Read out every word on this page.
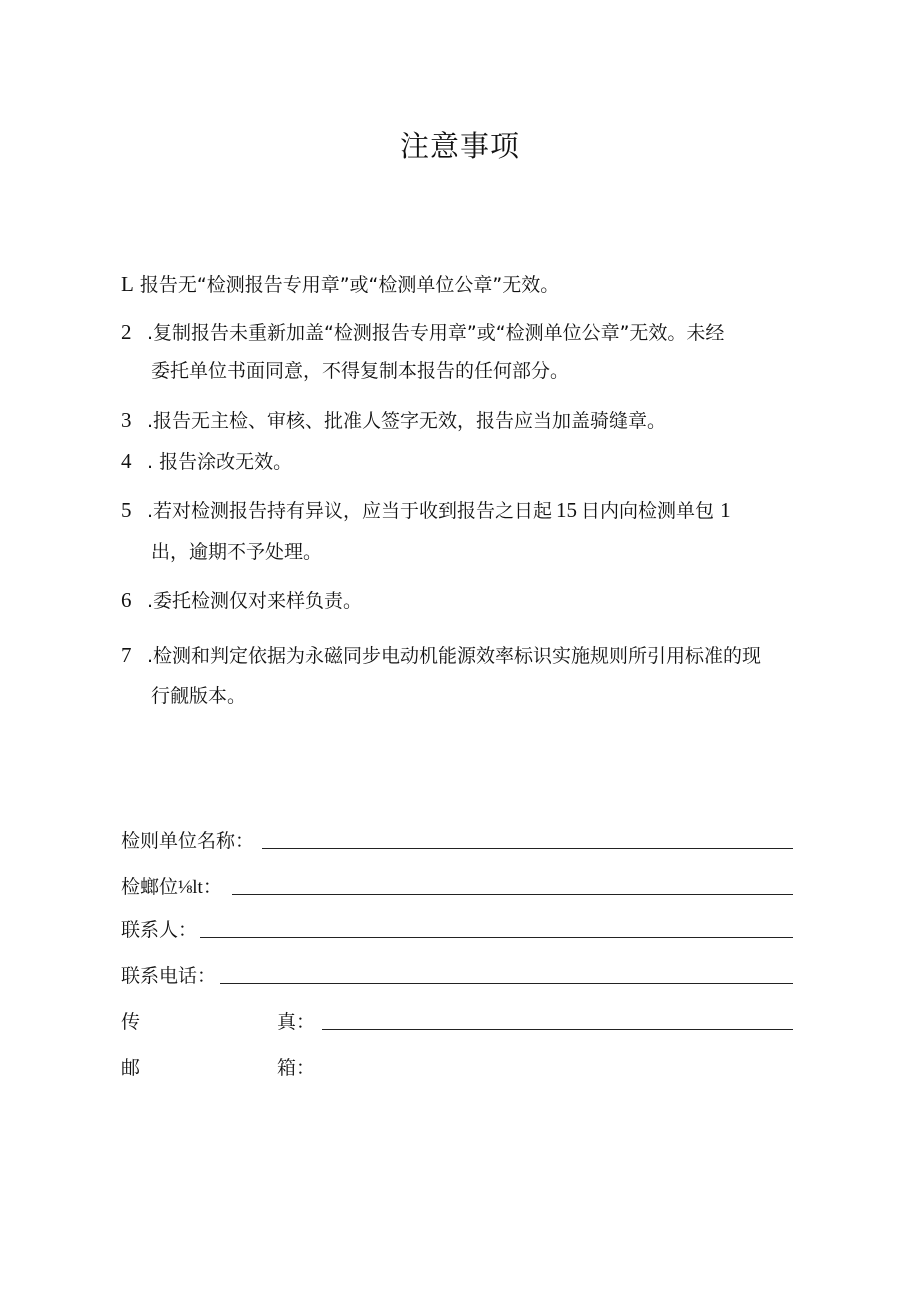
注意事项
L 报告无“检测报告专用章”或“检测单位公章”无效。
2 .复制报告未重新加盖“检测报告专用章”或“检测单位公章”无效。未经
委托单位书面同意，不得复制本报告的任何部分。
3 .报告无主检、审核、批准人签字无效，报告应当加盖骑缝章。
4 . 报告涂改无效。
5 .若对检测报告持有异议，应当于收到报告之日起 15 日内向检测单包 1
出，逾期不予处理。
6 .委托检测仅对来样负责。
7 .检测和判定依据为永磁同步电动机能源效率标识实施规则所引用标准的现
行觎版本。
检则单位名称：
检螂位⅛lt：
联系人：
联系电话：
传	真：
邮	箱：
